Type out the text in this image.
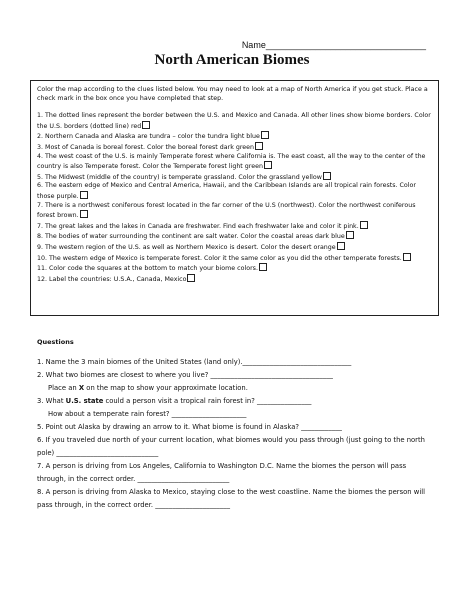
Name________________________________
North American Biomes

Color the map according to the clues listed below. You may need to look at a map of North America if you get stuck. Place a check mark in the box once you have completed that step.

1. The dotted lines represent the border between the U.S. and Mexico and Canada. All other lines show biome borders. Color the U.S. borders (dotted line) red

2. Northern Canada and Alaska are tundra – color the tundra light blue

3. Most of Canada is boreal forest. Color the boreal forest dark green

4. The west coast of the U.S. is mainly Temperate forest where California is. The east coast, all the way to the center of the country is also Temperate forest. Color the Temperate forest light green

5. The Midwest (middle of the country) is temperate grassland. Color the grassland yellow

6. The eastern edge of Mexico and Central America, Hawaii, and the Caribbean Islands are all tropical rain forests. Color those purple.

7. There is a northwest coniferous forest located in the far corner of the U.S (northwest). Color the northwest coniferous forest brown.

7. The great lakes and the lakes in Canada are freshwater. Find each freshwater lake and color it pink.

8. The bodies of water surrounding the continent are salt water. Color the coastal areas dark blue

9. The western region of the U.S. as well as Northern Mexico is desert. Color the desert orange

10. The western edge of Mexico is temperate forest. Color it the same color as you did the other temperate forests.

11. Color code the squares at the bottom to match your biome colors.

12. Label the countries: U.S.A., Canada, Mexico

Questions

1. Name the 3 main biomes of the United States (land only).________________________________

2. What two biomes are closest to where you live? ____________________________________

Place an X on the map to show your approximate location.

3. What U.S. state could a person visit a tropical rain forest in? ________________

How about a temperate rain forest? ______________________

5. Point out Alaska by drawing an arrow to it. What biome is found in Alaska? ____________

6. If you traveled due north of your current location, what biomes would you pass through (just going to the north pole) ______________________________

7. A person is driving from Los Angeles, California to Washington D.C. Name the biomes the person will pass through, in the correct order. ___________________________

8. A person is driving from Alaska to Mexico, staying close to the west coastline. Name the biomes the person will pass through, in the correct order. ______________________
